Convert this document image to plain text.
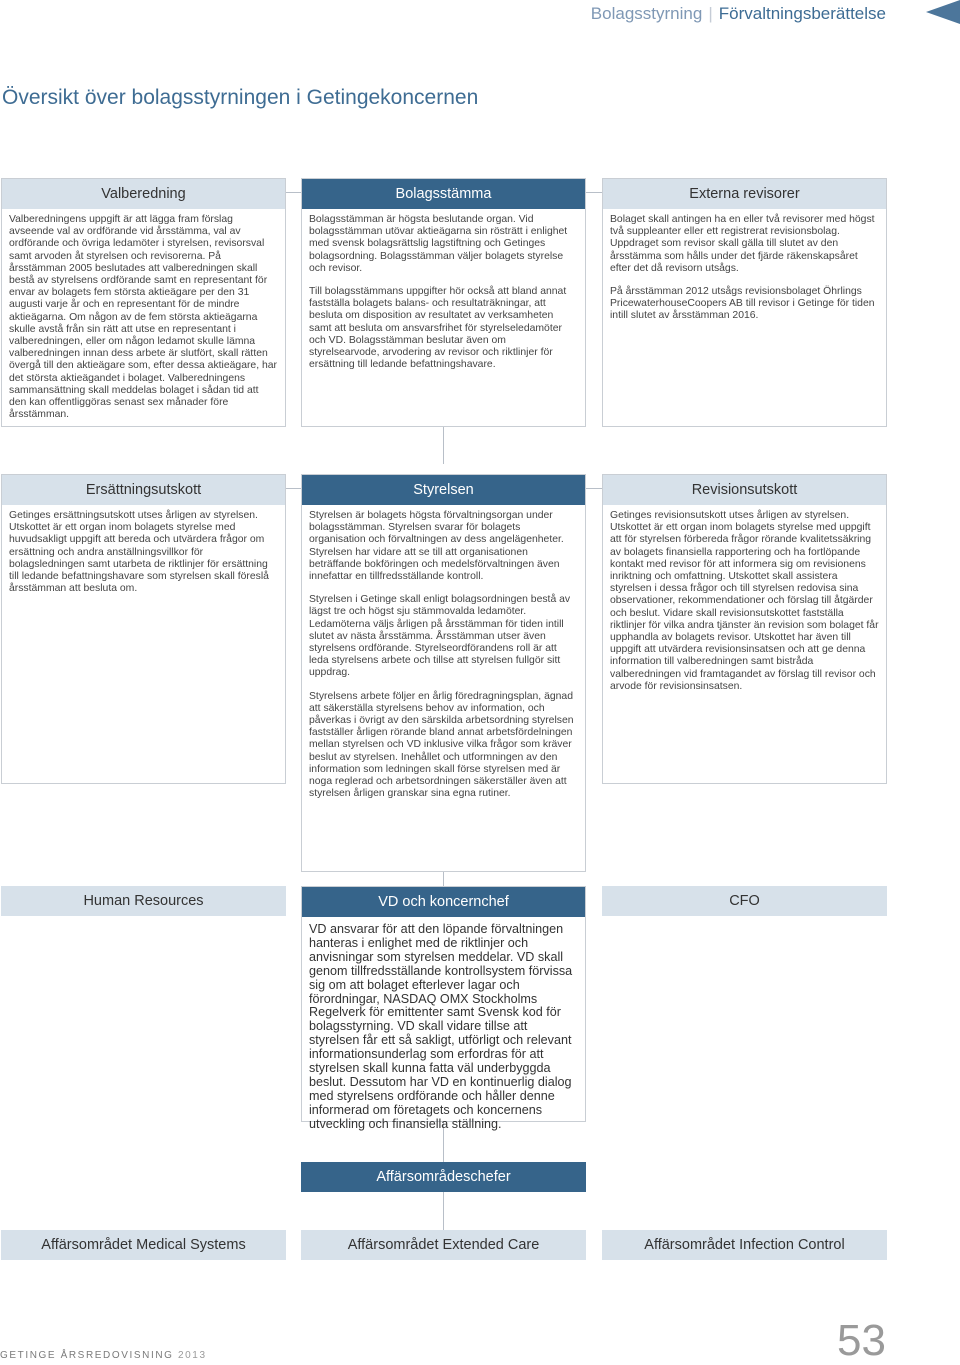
Bolagsstyrning | Förvaltningsberättelse
Översikt över bolagsstyrningen i Getingekoncernen
Valberedning

Valberedningens uppgift är att lägga fram förslag avseende val av ordförande vid årsstämma, val av ordförande och övriga ledamöter i styrelsen, revisorsval samt arvoden åt styrelsen och revisorerna. På årsstämman 2005 beslutades att valberedningen skall bestå av styrelsens ordförande samt en representant för envar av bolagets fem största aktieägare per den 31 augusti varje år och en representant för de mindre aktieägarna. Om någon av de fem största aktieägarna skulle avstå från sin rätt att utse en representant i valberedningen, eller om någon ledamot skulle lämna valberedningen innan dess arbete är slutfört, skall rätten övergå till den aktieägare som, efter dessa aktieägare, har det största aktieägandet i bolaget. Valberedningens sammansättning skall meddelas bolaget i sådan tid att den kan offentliggöras senast sex månader före årsstämman.

Bolagsstämma

Bolagsstämman är högsta beslutande organ. Vid bolagsstämman utövar aktieägarna sin rösträtt i enlighet med svensk bolagsrättslig lagstiftning och Getinges bolagsordning. Bolagsstämman väljer bolagets styrelse och revisor.

Till bolagsstämmans uppgifter hör också att bland annat fastställa bolagets balans- och resultaträkningar, att besluta om disposition av resultatet av verksamheten samt att besluta om ansvarsfrihet för styrelseledamöter och VD. Bolagsstämman beslutar även om styrelsearvode, arvodering av revisor och riktlinjer för ersättning till ledande befattningshavare.

Externa revisorer

Bolaget skall antingen ha en eller två revisorer med högst två suppleanter eller ett registrerat revisionsbolag. Uppdraget som revisor skall gälla till slutet av den årsstämma som hålls under det fjärde räkenskapsåret efter det då revisorn utsågs.

På årsstämman 2012 utsågs revisionsbolaget Öhrlings PricewaterhouseCoopers AB till revisor i Getinge för tiden intill slutet av årsstämman 2016.

Ersättningsutskott

Getinges ersättningsutskott utses årligen av styrelsen. Utskottet är ett organ inom bolagets styrelse med huvudsakligt uppgift att bereda och utvärdera frågor om ersättning och andra anställningsvillkor för bolagsledningen samt utarbeta de riktlinjer för ersättning till ledande befattningshavare som styrelsen skall föreslå årsstämman att besluta om.

Styrelsen

Styrelsen är bolagets högsta förvaltningsorgan under bolagsstämman. Styrelsen svarar för bolagets organisation och förvaltningen av dess angelägenheter. Styrelsen har vidare att se till att organisationen beträffande bokföringen och medelsförvaltningen även innefattar en tillfredsställande kontroll.

Styrelsen i Getinge skall enligt bolagsordningen bestå av lägst tre och högst sju stämmovalda ledamöter. Ledamöterna väljs årligen på årsstämman för tiden intill slutet av nästa årsstämma. Årsstämman utser även styrelsens ordförande. Styrelseordförandens roll är att leda styrelsens arbete och tillse att styrelsen fullgör sitt uppdrag.

Styrelsens arbete följer en årlig föredragningsplan, ägnad att säkerställa styrelsens behov av information, och påverkas i övrigt av den särskilda arbetsordning styrelsen fastställer årligen rörande bland annat arbetsfördelningen mellan styrelsen och VD inklusive vilka frågor som kräver beslut av styrelsen. Inehållet och utformningen av den information som ledningen skall förse styrelsen med är noga reglerad och arbetsordningen säkerställer även att styrelsen årligen granskar sina egna rutiner.

Revisionsutskott

Getinges revisionsutskott utses årligen av styrelsen. Utskottet är ett organ inom bolagets styrelse med uppgift att för styrelsen förbereda frågor rörande kvalitetssäkring av bolagets finansiella rapportering och ha fortlöpande kontakt med revisor för att informera sig om revisionens inriktning och omfattning. Utskottet skall assistera styrelsen i dessa frågor och till styrelsen redovisa sina observationer, rekommendationer och förslag till åtgärder och beslut. Vidare skall revisionsutskottet fastställa riktlinjer för vilka andra tjänster än revision som bolaget får upphandla av bolagets revisor. Utskottet har även till uppgift att utvärdera revisionsinsatsen och att ge denna information till valberedningen samt bistråda valberedningen vid framtagandet av förslag till revisor och arvode för revisionsinsatsen.

Human Resources	VD och koncernchef
VD ansvarar för att den löpande förvaltningen hanteras i enlighet med de riktlinjer och anvisningar som styrelsen meddelar. VD skall genom tillfredsställande kontrollsystem förvissa sig om att bolaget efterlever lagar och förordningar, NASDAQ OMX Stockholms Regelverk för emittenter samt Svensk kod för bolagsstyrning. VD skall vidare tillse att styrelsen får ett så sakligt, utförligt och relevant informationsunderlag som erfordras för att styrelsen skall kunna fatta väl underbyggda beslut. Dessutom har VD en kontinuerlig dialog med styrelsens ordförande och håller denne informerad om företagets och koncernens utveckling och finansiella ställning.
CFO
Affärsområdeschefer
Affärsområdet Medical Systems	Affärsområdet Extended Care	Affärsområdet Infection Control
GETINGE ÅRSREDOVISNING 2013	53
